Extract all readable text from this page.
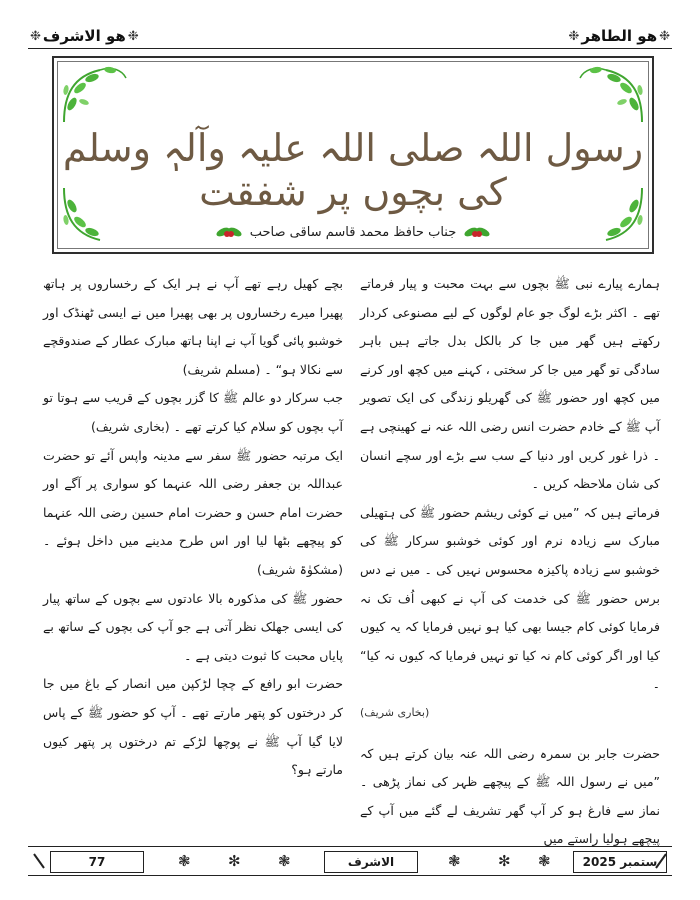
❉
ھو الطاھر
❉
❉
ھو الاشرف
❉
رسول اللہ صلی اللہ علیہ وآلہٖ وسلم کی بچوں پر شفقت
جناب حافظ محمد قاسم ساقی صاحب

ہمارے پیارے نبی ﷺ بچوں سے بہت محبت و پیار فرماتے تھے ۔ اکثر بڑے لوگ جو عام لوگوں کے لیے مصنوعی کردار رکھتے ہیں گھر میں جا کر بالکل بدل جاتے ہیں باہر سادگی تو گھر میں جا کر سختی ، کہنے میں کچھ اور کرنے میں کچھ اور حضور ﷺ کی گھریلو زندگی کی ایک تصویر آپ ﷺ کے خادم حضرت انس رضی اللہ عنہ نے کھینچی ہے ۔ ذرا غور کریں اور دنیا کے سب سے بڑے اور سچے انسان کی شان ملاحظہ کریں ۔

فرماتے ہیں کہ ”میں نے کوئی ریشم حضور ﷺ کی ہتھیلی مبارک سے زیادہ نرم اور کوئی خوشبو سرکار ﷺ کی خوشبو سے زیادہ پاکیزہ محسوس نہیں کی ۔ میں نے دس برس حضور ﷺ کی خدمت کی آپ نے کبھی اُف تک نہ فرمایا کوئی کام جیسا بھی کیا ہو نہیں فرمایا کہ یہ کیوں کیا اور اگر کوئی کام نہ کیا تو نہیں فرمایا کہ کیوں نہ کیا“ ۔

(بخاری شریف)

حضرت جابر بن سمرہ رضی اللہ عنہ بیان کرتے ہیں کہ ”میں نے رسول اللہ ﷺ کے پیچھے ظہر کی نماز پڑھی ۔ نماز سے فارغ ہو کر آپ گھر تشریف لے گئے میں آپ کے پیچھے ہولیا راستے میں

بچے کھیل رہے تھے آپ نے ہر ایک کے رخساروں پر ہاتھ پھیرا میرے رخساروں پر بھی پھیرا میں نے ایسی ٹھنڈک اور خوشبو پائی گویا آپ نے اپنا ہاتھ مبارک عطار کے صندوقچے سے نکالا ہو“ ۔ (مسلم شریف)

جب سرکار دو عالم ﷺ کا گزر بچوں کے قریب سے ہوتا تو آپ بچوں کو سلام کیا کرتے تھے ۔ (بخاری شریف)

ایک مرتبہ حضور ﷺ سفر سے مدینہ واپس آئے تو حضرت عبداللہ بن جعفر رضی اللہ عنہما کو سواری پر آگے اور حضرت امام حسن و حضرت امام حسین رضی اللہ عنہما کو پیچھے بٹھا لیا اور اس طرح مدینے میں داخل ہوئے ۔ (مشکوٰۃ شریف)

حضور ﷺ کی مذکورہ بالا عادتوں سے بچوں کے ساتھ پیار کی ایسی جھلک نظر آتی ہے جو آپ کی بچوں کے ساتھ بے پایاں محبت کا ثبوت دیتی ہے ۔

حضرت ابو رافع کے چچا لڑکپن میں انصار کے باغ میں جا کر درختوں کو پتھر مارتے تھے ۔ آپ کو حضور ﷺ کے پاس لایا گیا آپ ﷺ نے پوچھا لڑکے تم درختوں پر پتھر کیوں مارتے ہو؟

77	❃ ✻ ❃	الاشرف	❃ ✻ ❃	ستمبر 2025
